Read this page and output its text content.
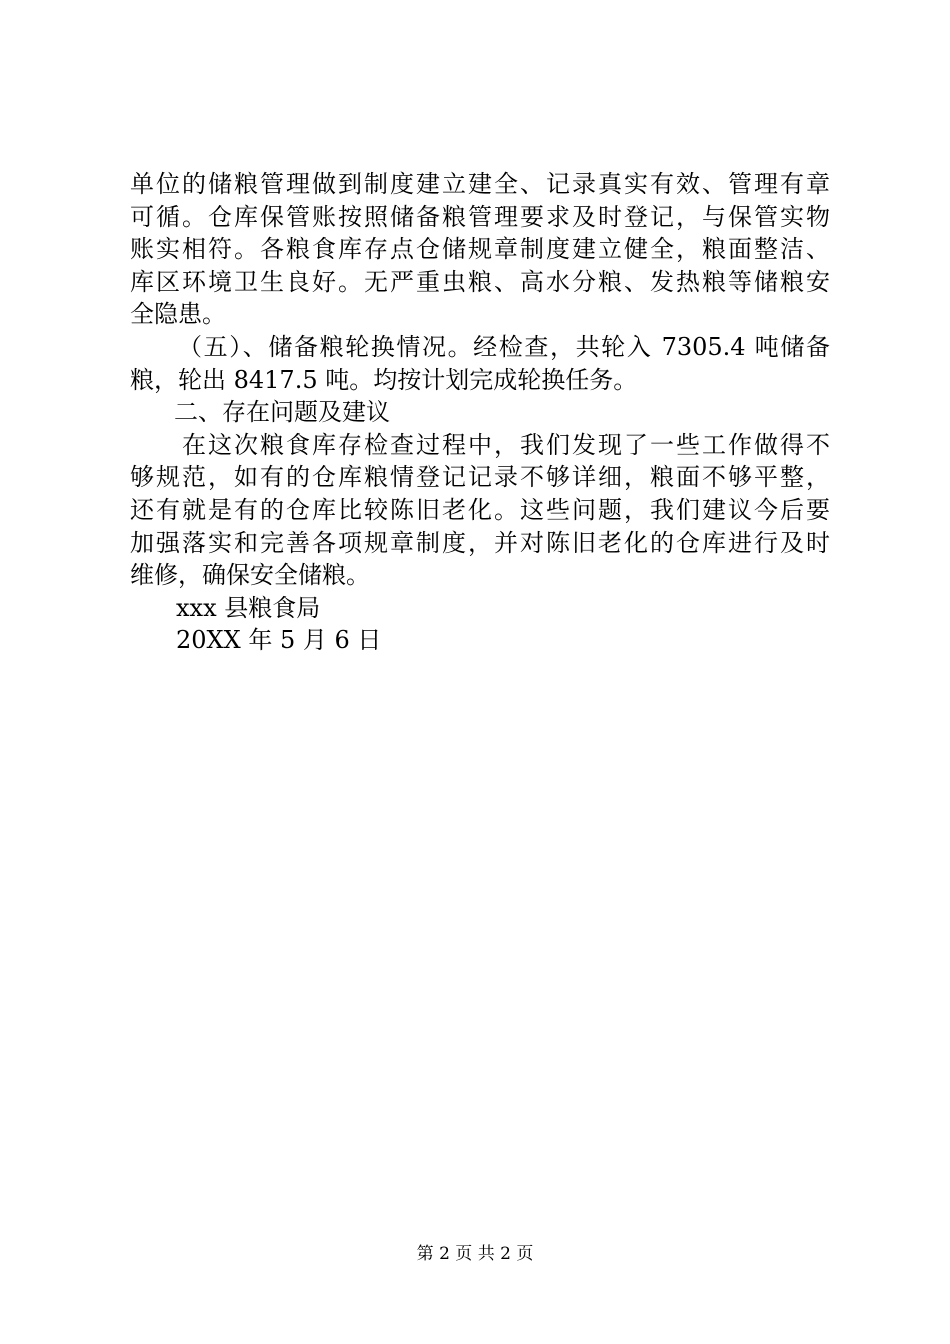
单位的储粮管理做到制度建立建全、记录真实有效、管理有章
可循。仓库保管账按照储备粮管理要求及时登记，与保管实物
账实相符。各粮食库存点仓储规章制度建立健全，粮面整洁、
库区环境卫生良好。无严重虫粮、高水分粮、发热粮等储粮安
全隐患。
（五）、储备粮轮换情况。经检查，共轮入 7305.4 吨储备
粮，轮出 8417.5 吨。均按计划完成轮换任务。
二、存在问题及建议
在这次粮食库存检查过程中，我们发现了一些工作做得不
够规范，如有的仓库粮情登记记录不够详细，粮面不够平整，
还有就是有的仓库比较陈旧老化。这些问题，我们建议今后要
加强落实和完善各项规章制度，并对陈旧老化的仓库进行及时
维修，确保安全储粮。
xxx 县粮食局
20XX 年 5 月 6 日
第 2 页 共 2 页
